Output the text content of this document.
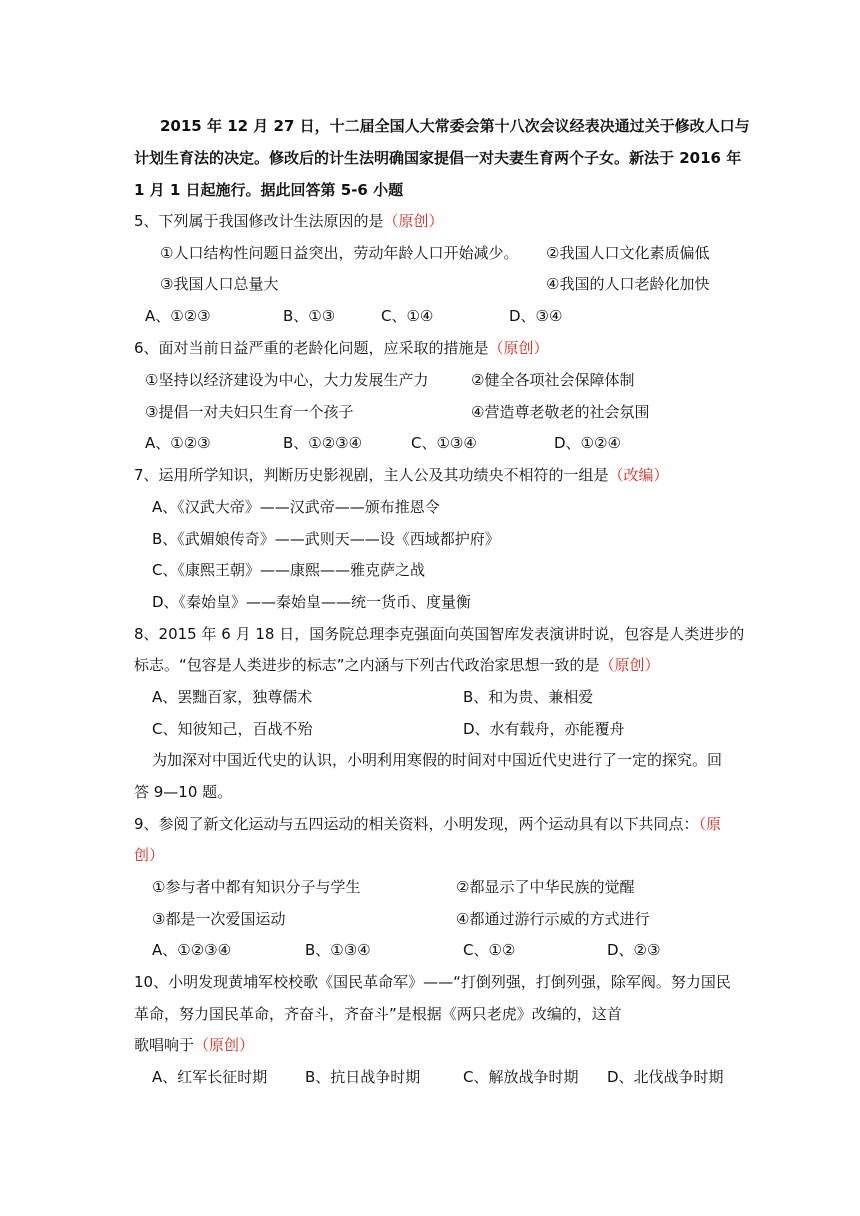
2015 年 12 月 27 日，十二届全国人大常委会第十八次会议经表决通过关于修改人口与
计划生育法的决定。修改后的计生法明确国家提倡一对夫妻生育两个子女。新法于 2016 年
1 月 1 日起施行。据此回答第 5-6 小题
5、下列属于我国修改计生法原因的是（原创）
①人口结构性问题日益突出，劳动年龄人口开始减少。 ②我国人口文化素质偏低
③我国人口总量大	④我国的人口老龄化加快
A、①②③	B、①③	C、①④	D、③④
6、面对当前日益严重的老龄化问题，应采取的措施是（原创）
①坚持以经济建设为中心，大力发展生产力	②健全各项社会保障体制
③提倡一对夫妇只生育一个孩子	④营造尊老敬老的社会氛围
A、①②③	B、①②③④	C、①③④	D、①②④
7、运用所学知识，判断历史影视剧，主人公及其功绩央不相符的一组是（改编）
A、《汉武大帝》——汉武帝——颁布推恩令
B、《武媚娘传奇》——武则天——设《西域都护府》
C、《康熙王朝》——康熙——雅克萨之战
D、《秦始皇》——秦始皇——统一货币、度量衡
8、2015 年 6 月 18 日，国务院总理李克强面向英国智库发表演讲时说，包容是人类进步的
标志。“包容是人类进步的标志”之内涵与下列古代政治家思想一致的是（原创）
A、罢黜百家，独尊儒术	B、和为贵、兼相爱
C、知彼知己，百战不殆	D、水有载舟，亦能覆舟
为加深对中国近代史的认识，小明利用寒假的时间对中国近代史进行了一定的探究。回
答 9—10 题。
9、参阅了新文化运动与五四运动的相关资料，小明发现，两个运动具有以下共同点：（原
创）
①参与者中都有知识分子与学生	②都显示了中华民族的觉醒
③都是一次爱国运动	④都通过游行示威的方式进行
A、①②③④	B、①③④	C、①②	D、②③
10、小明发现黄埔军校校歌《国民革命军》——“打倒列强，打倒列强，除军阀。努力国民
革命，努力国民革命，齐奋斗，齐奋斗”是根据《两只老虎》改编的，这首
歌唱响于（原创）
A、红军长征时期	B、抗日战争时期	C、解放战争时期 D、北伐战争时期
